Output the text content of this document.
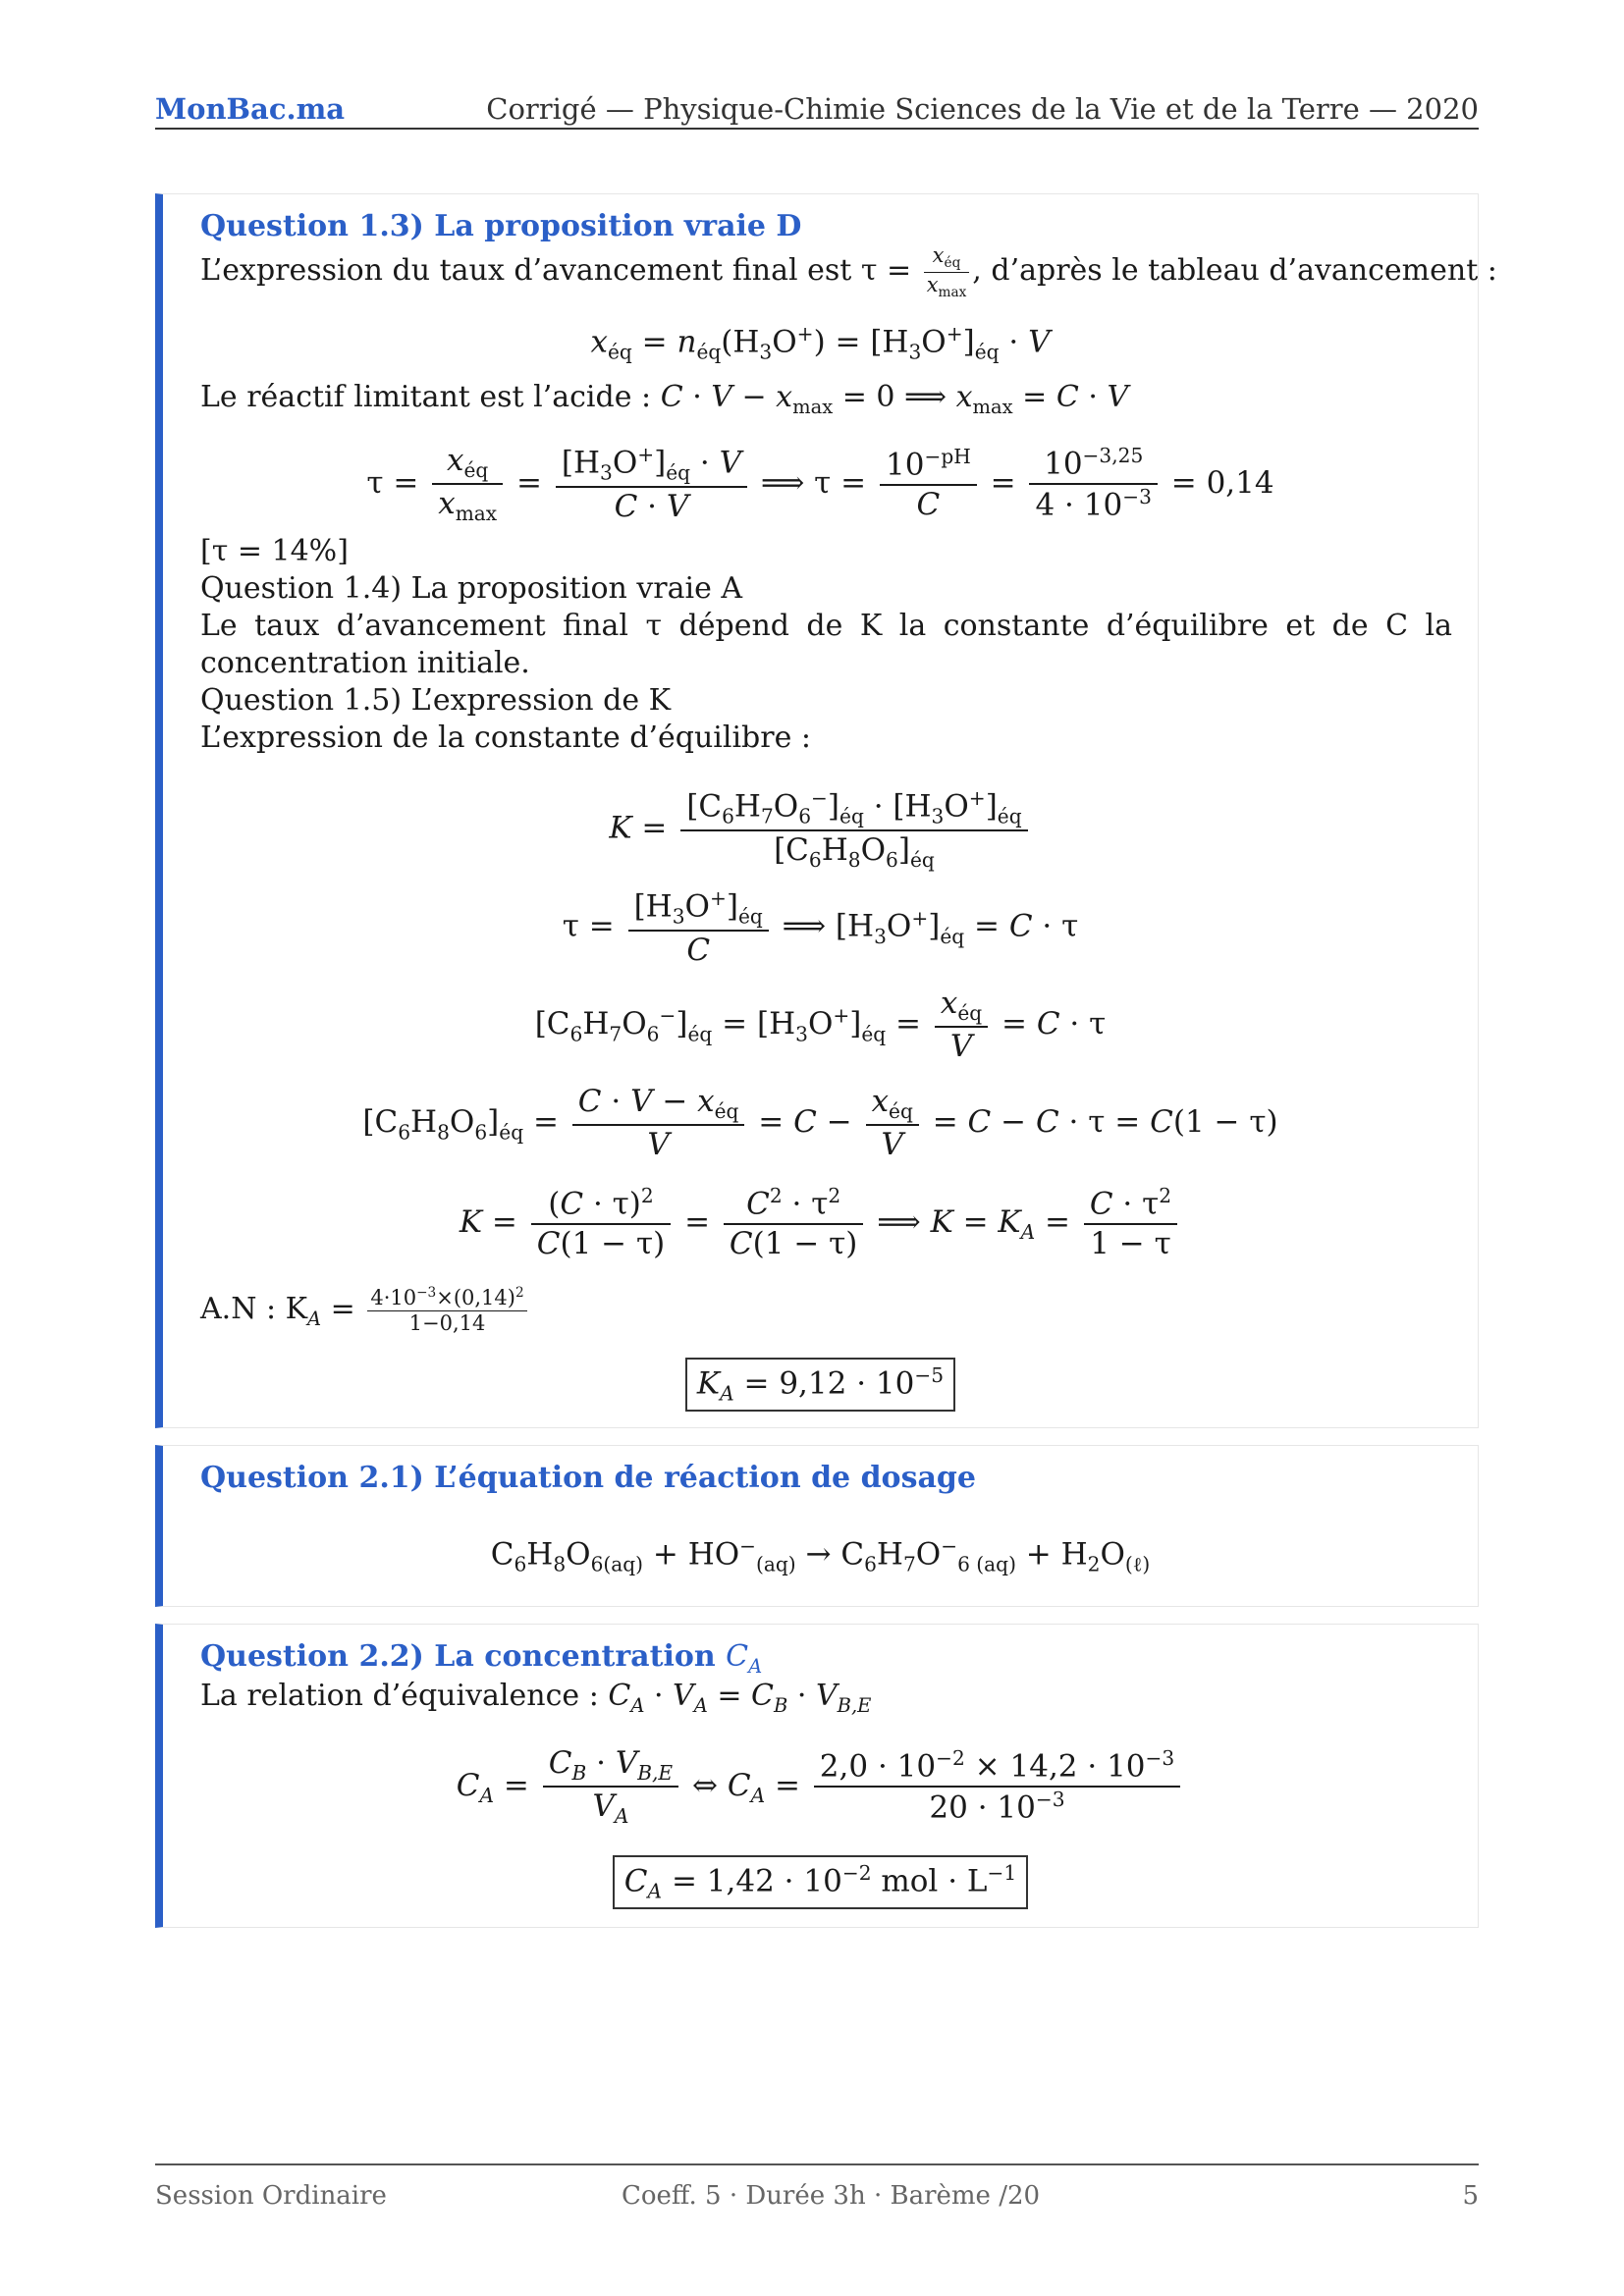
MonBac.ma	Corrigé — Physique-Chimie Sciences de la Vie et de la Terre — 2020
Question 1.3) La proposition vraie D
L’expression du taux d’avancement final est τ =	$x_{éq}$
$x_{max}$
, d’après le tableau d’avancement :
$x_{éq} = n_{éq}(H_3O^+) = [H_3O^+]_{éq} \cdot V$
Le réactif limitant est l’acide : $C \cdot V - x_{max} = 0$ ⟹ $x_{max} = C \cdot V$
$\tau = \frac{x_{éq}}{x_{max}} = \frac{[H_3O^+]_{éq} \cdot V}{C \cdot V}$ ⟹ $\tau = \frac{10^{-pH}}{C} = \frac{10^{-3,25}}{4 \cdot 10^{-3}} = 0,14$
[τ = 14%]
Question 1.4) La proposition vraie A
Le taux d’avancement final τ dépend de K la constante d’équilibre et de C la concentration initiale.
Question 1.5) L’expression de K
L’expression de la constante d’équilibre :
$K = \frac{[C_6H_7O_6^-]_{éq} \cdot [H_3O^+]_{éq}}{[C_6H_8O_6]_{éq}}$
$\tau = \frac{[H_3O^+]_{éq}}{C}$ ⟹ $[H_3O^+]_{éq} = C \cdot \tau$
$[C_6H_7O_6^-]_{éq} = [H_3O^+]_{éq} = \frac{x_{éq}}{V} = C \cdot \tau$
$[C_6H_8O_6]_{éq} = \frac{C \cdot V - x_{éq}}{V} = C - \frac{x_{éq}}{V} = C - C \cdot \tau = C(1 - \tau)$
$K = \frac{(C \cdot \tau)^2}{C(1 - \tau)} = \frac{C^2 \cdot \tau^2}{C(1 - \tau)}$ ⟹ $K = K_A = \frac{C \cdot \tau^2}{1 - \tau}$
A.N : $K_A = \frac{4\cdot 10^{-3}\times(0,14)^2}{1-0,14}$
$K_A = 9,12 \cdot 10^{-5}$
Question 2.1) L’équation de réaction de dosage
$C_6H_8O_{6(aq)} + HO^-_{(aq)} \to C_6H_7O^-_{6 (aq)} + H_2O_{(\ell)}$
Question 2.2) La concentration $C_A$
La relation d’équivalence : $C_A \cdot V_A = C_B \cdot V_{B,E}$
$C_A = \frac{C_B \cdot V_{B,E}}{V_A}$ ⇔ $C_A = \frac{2,0 \cdot 10^{-2} \times 14,2 \cdot 10^{-3}}{20 \cdot 10^{-3}}$
$C_A = 1,42 \cdot 10^{-2}$ mol · $L^{-1}$
Session Ordinaire	Coeff. 5 · Durée 3h · Barème /20	5
